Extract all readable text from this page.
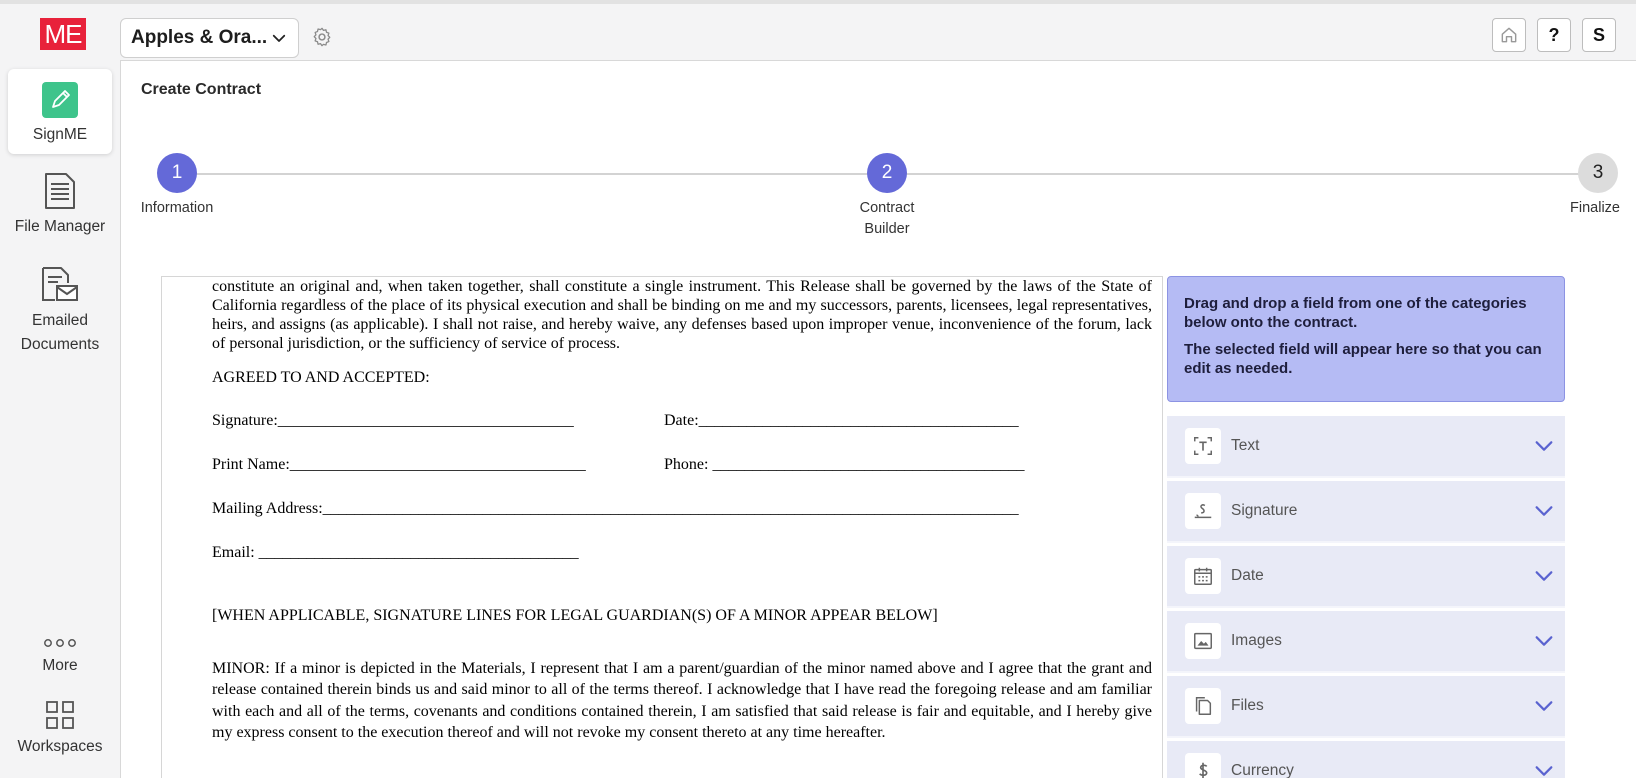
ME	Apples & Ora...	?	S
SignME
File Manager
Emailed
Documents
More
Workspaces
Create Contract
1
Information
2
Contract
Builder
3
Finalize
constitute an original and, when taken together, shall constitute a single instrument. This Release shall be governed by the laws of the State of California regardless of the place of its physical execution and shall be binding on me and my successors, parents, licensees, legal representatives, heirs, and assigns (as applicable). I shall not raise, and hereby waive, any defenses based upon improper venue, inconvenience of the forum, lack of personal jurisdiction, or the sufficiency of service of process.
AGREED TO AND ACCEPTED:
Signature:_____________________________________	Date:________________________________________
Print Name:_____________________________________	Phone: _______________________________________
Mailing Address:_______________________________________________________________________________________
Email: ________________________________________
[WHEN APPLICABLE, SIGNATURE LINES FOR LEGAL GUARDIAN(S) OF A MINOR APPEAR BELOW]
MINOR: If a minor is depicted in the Materials, I represent that I am a parent/guardian of the minor named above and I agree that the grant and release contained therein binds us and said minor to all of the terms thereof. I acknowledge that I have read the foregoing release and am familiar with each and all of the terms, covenants and conditions contained therein, I am satisfied that said release is fair and equitable, and I hereby give my express consent to the execution thereof and will not revoke my consent thereto at any time hereafter.

Drag and drop a field from one of the categories below onto the contract.

The selected field will appear here so that you can edit as needed.

Text
Signature
Date
Images
Files
Currency
